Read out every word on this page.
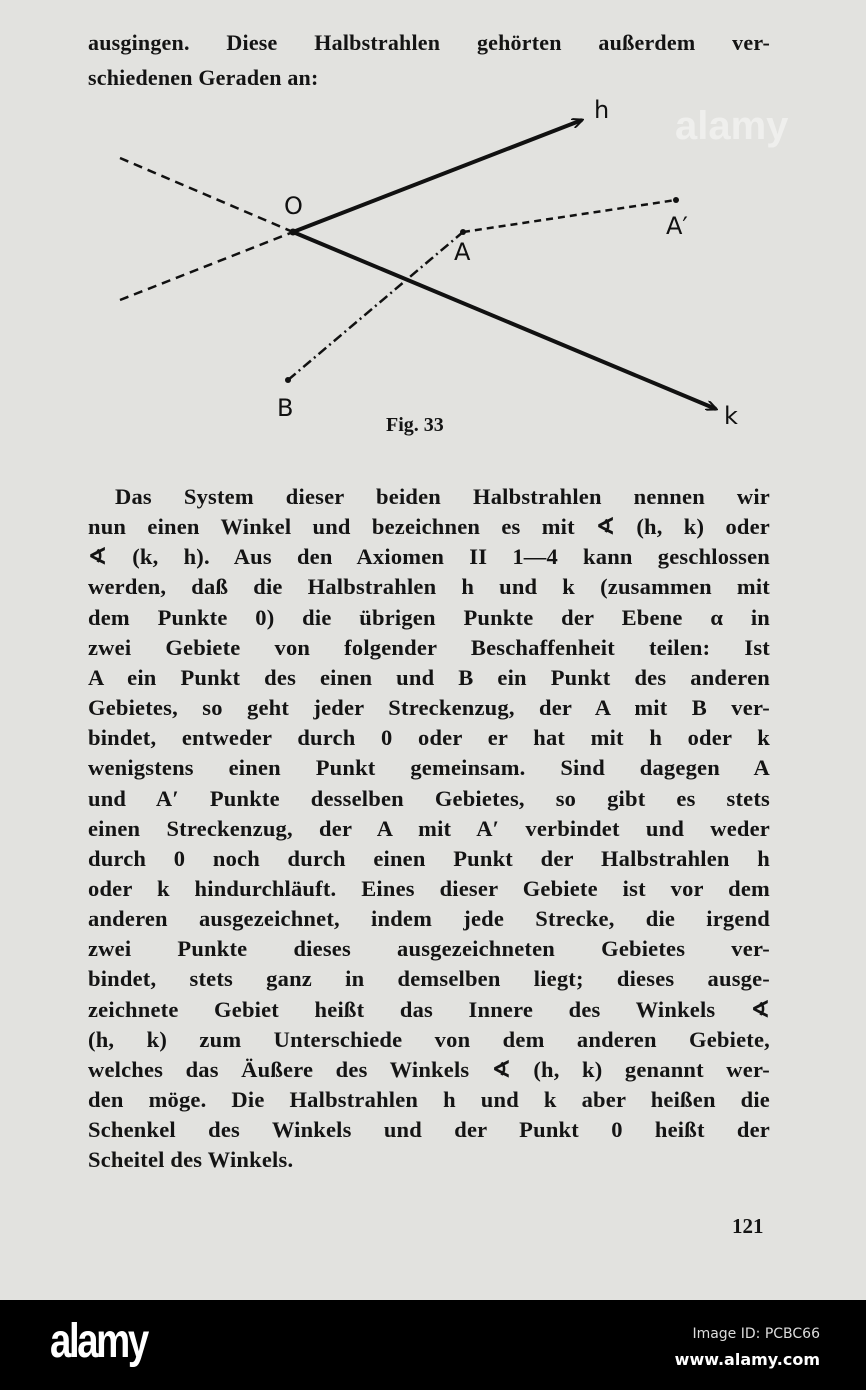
ausgingen. Diese Halbstrahlen gehörten außerdem ver-
schiedenen Geraden an:
alamy
h
O
A′
A
B	k
Fig. 33
Das System dieser beiden Halbstrahlen nennen wir
nun einen Winkel und bezeichnen es mit ∢ (h, k) oder
∢ (k, h). Aus den Axiomen II 1—4 kann geschlossen
werden, daß die Halbstrahlen h und k (zusammen mit
dem Punkte 0) die übrigen Punkte der Ebene α in
zwei Gebiete von folgender Beschaffenheit teilen: Ist
A ein Punkt des einen und B ein Punkt des anderen
Gebietes, so geht jeder Streckenzug, der A mit B ver-
bindet, entweder durch 0 oder er hat mit h oder k
wenigstens einen Punkt gemeinsam. Sind dagegen A
und A′ Punkte desselben Gebietes, so gibt es stets
einen Streckenzug, der A mit A′ verbindet und weder
durch 0 noch durch einen Punkt der Halbstrahlen h
oder k hindurchläuft. Eines dieser Gebiete ist vor dem
anderen ausgezeichnet, indem jede Strecke, die irgend
zwei Punkte dieses ausgezeichneten Gebietes ver-
bindet, stets ganz in demselben liegt; dieses ausge-
zeichnete Gebiet heißt das Innere des Winkels ∢
(h, k) zum Unterschiede von dem anderen Gebiete,
welches das Äußere des Winkels ∢ (h, k) genannt wer-
den möge. Die Halbstrahlen h und k aber heißen die
Schenkel des Winkels und der Punkt 0 heißt der
Scheitel des Winkels.
121
alamy	Image ID: PCBC66
www.alamy.com
